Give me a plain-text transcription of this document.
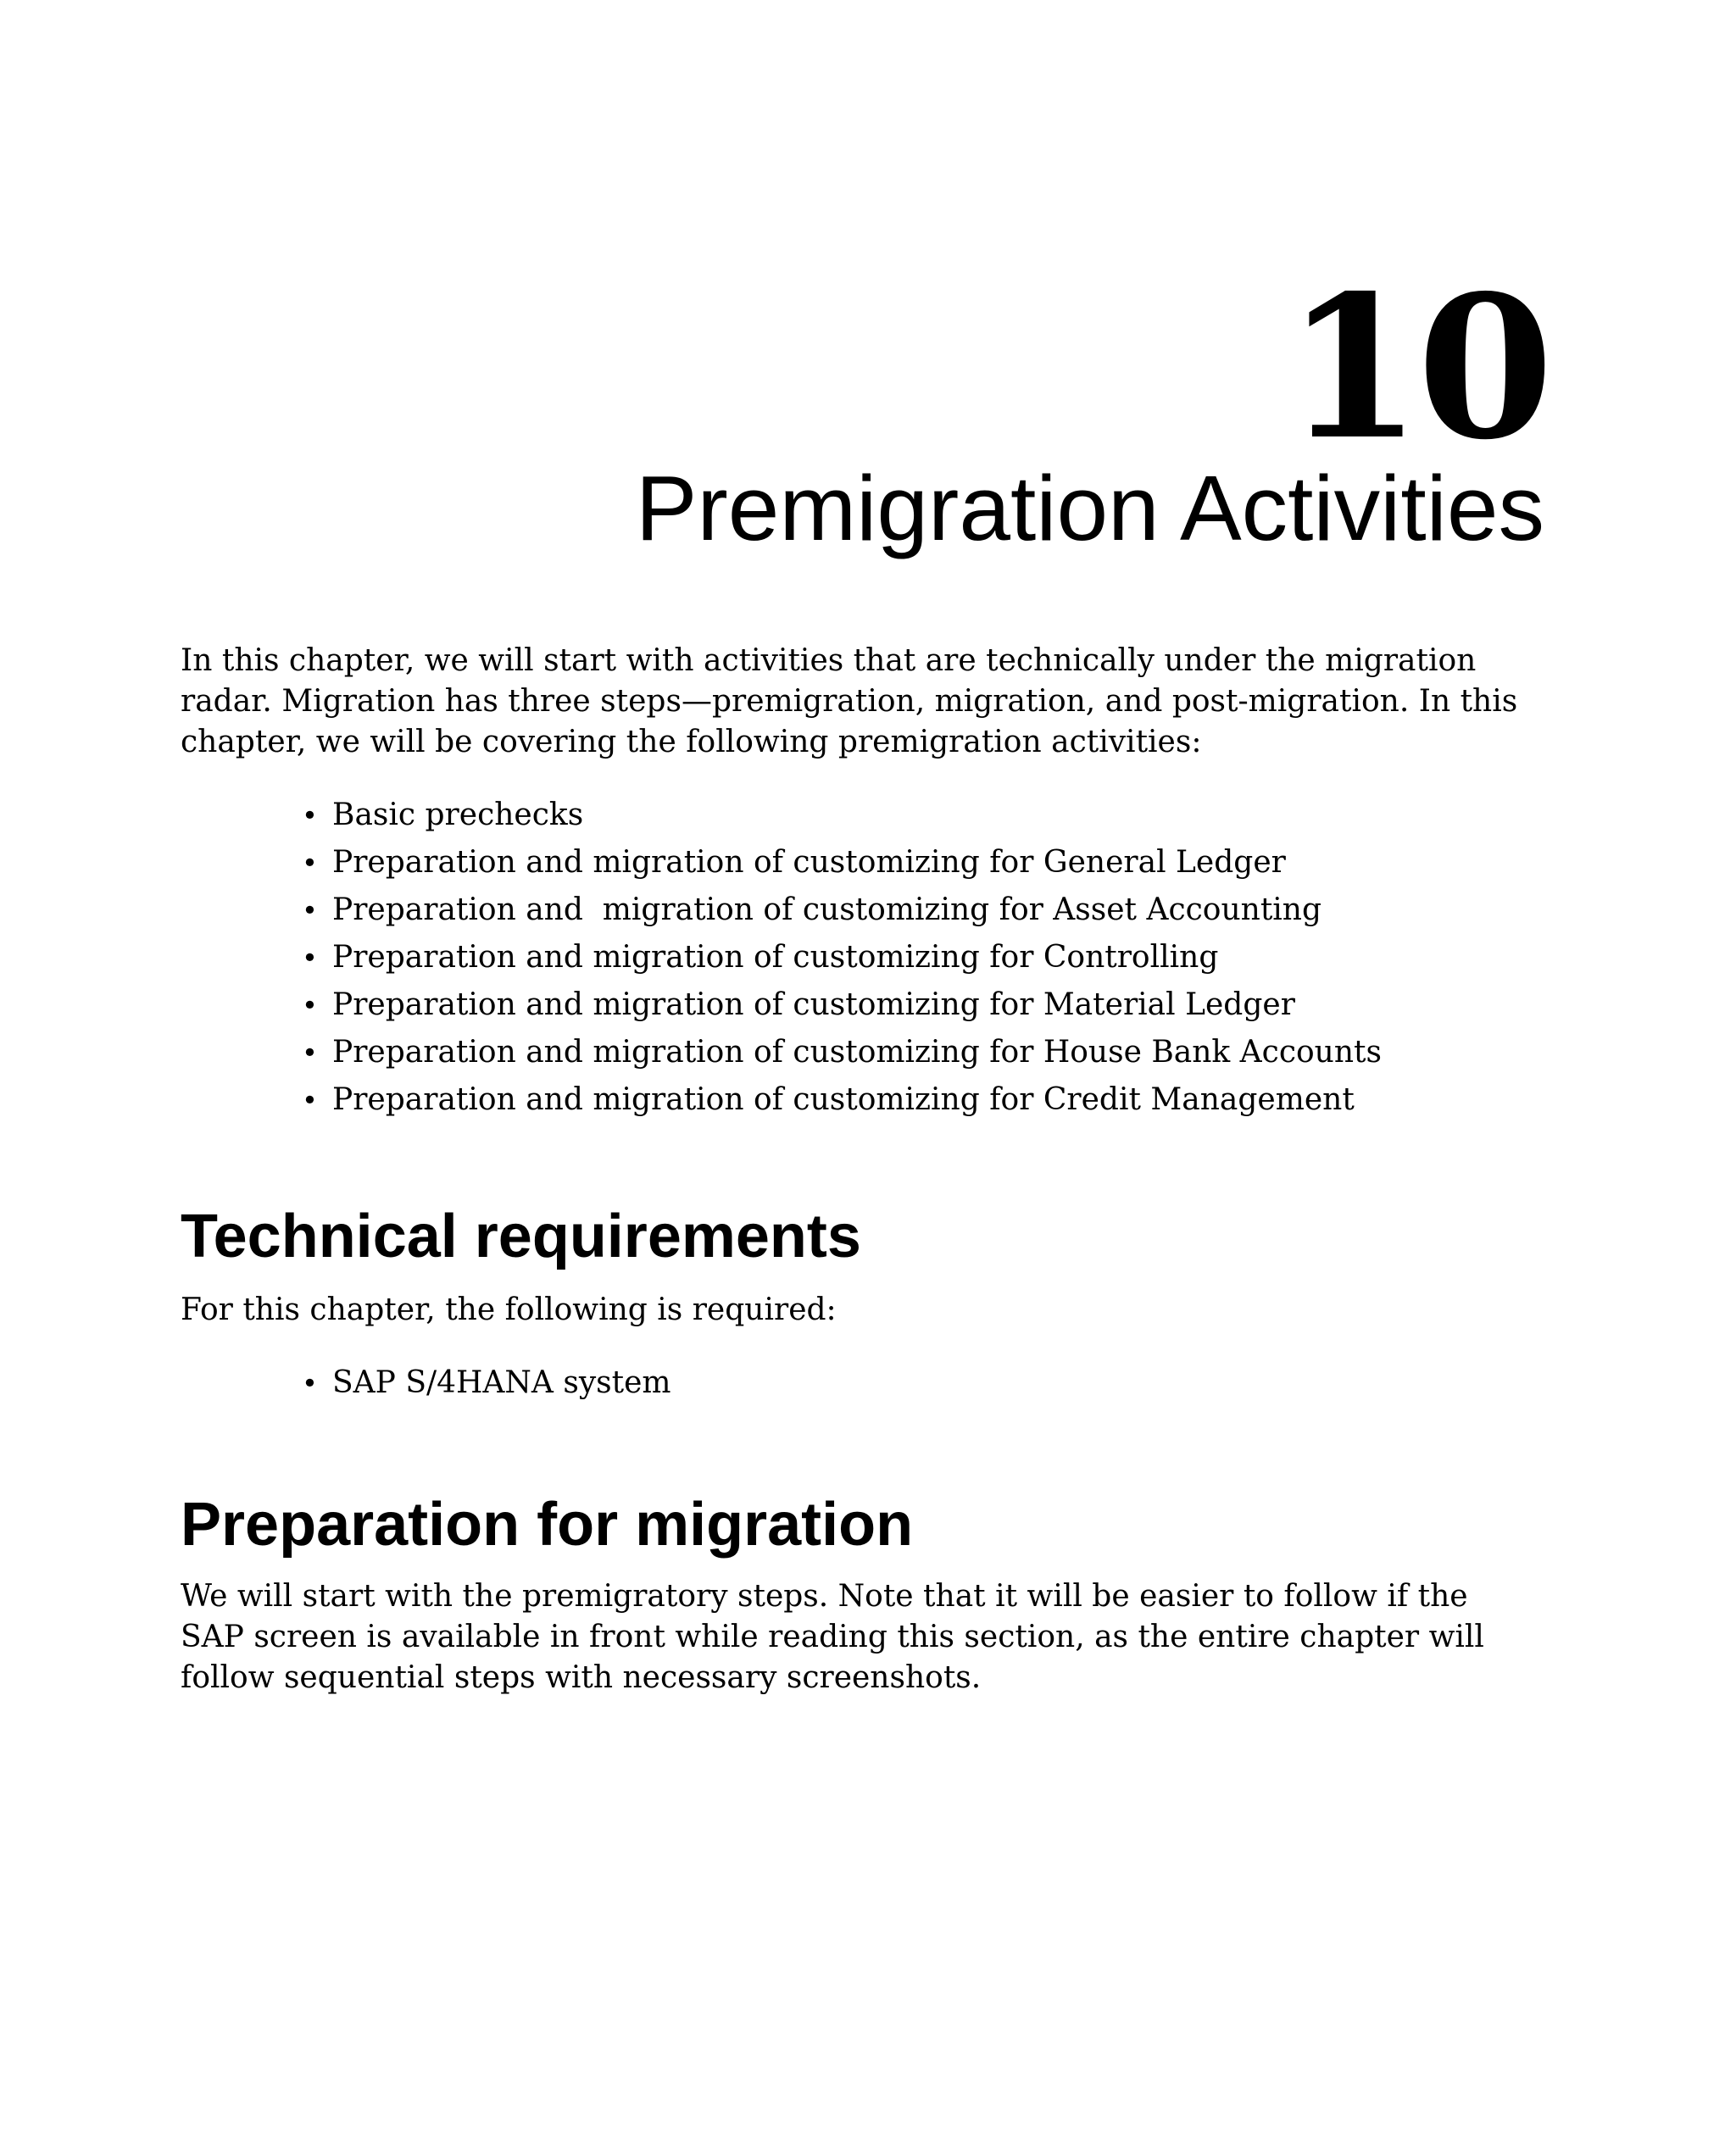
10
Premigration Activities

In this chapter, we will start with activities that are technically under the migration radar. Migration has three steps—premigration, migration, and post-migration. In this chapter, we will be covering the following premigration activities:

• Basic prechecks
• Preparation and migration of customizing for General Ledger
• Preparation and  migration of customizing for Asset Accounting
• Preparation and migration of customizing for Controlling
• Preparation and migration of customizing for Material Ledger
• Preparation and migration of customizing for House Bank Accounts
• Preparation and migration of customizing for Credit Management
Technical requirements

For this chapter, the following is required:

• SAP S/4HANA system
Preparation for migration

We will start with the premigratory steps. Note that it will be easier to follow if the SAP screen is available in front while reading this section, as the entire chapter will follow sequential steps with necessary screenshots.
